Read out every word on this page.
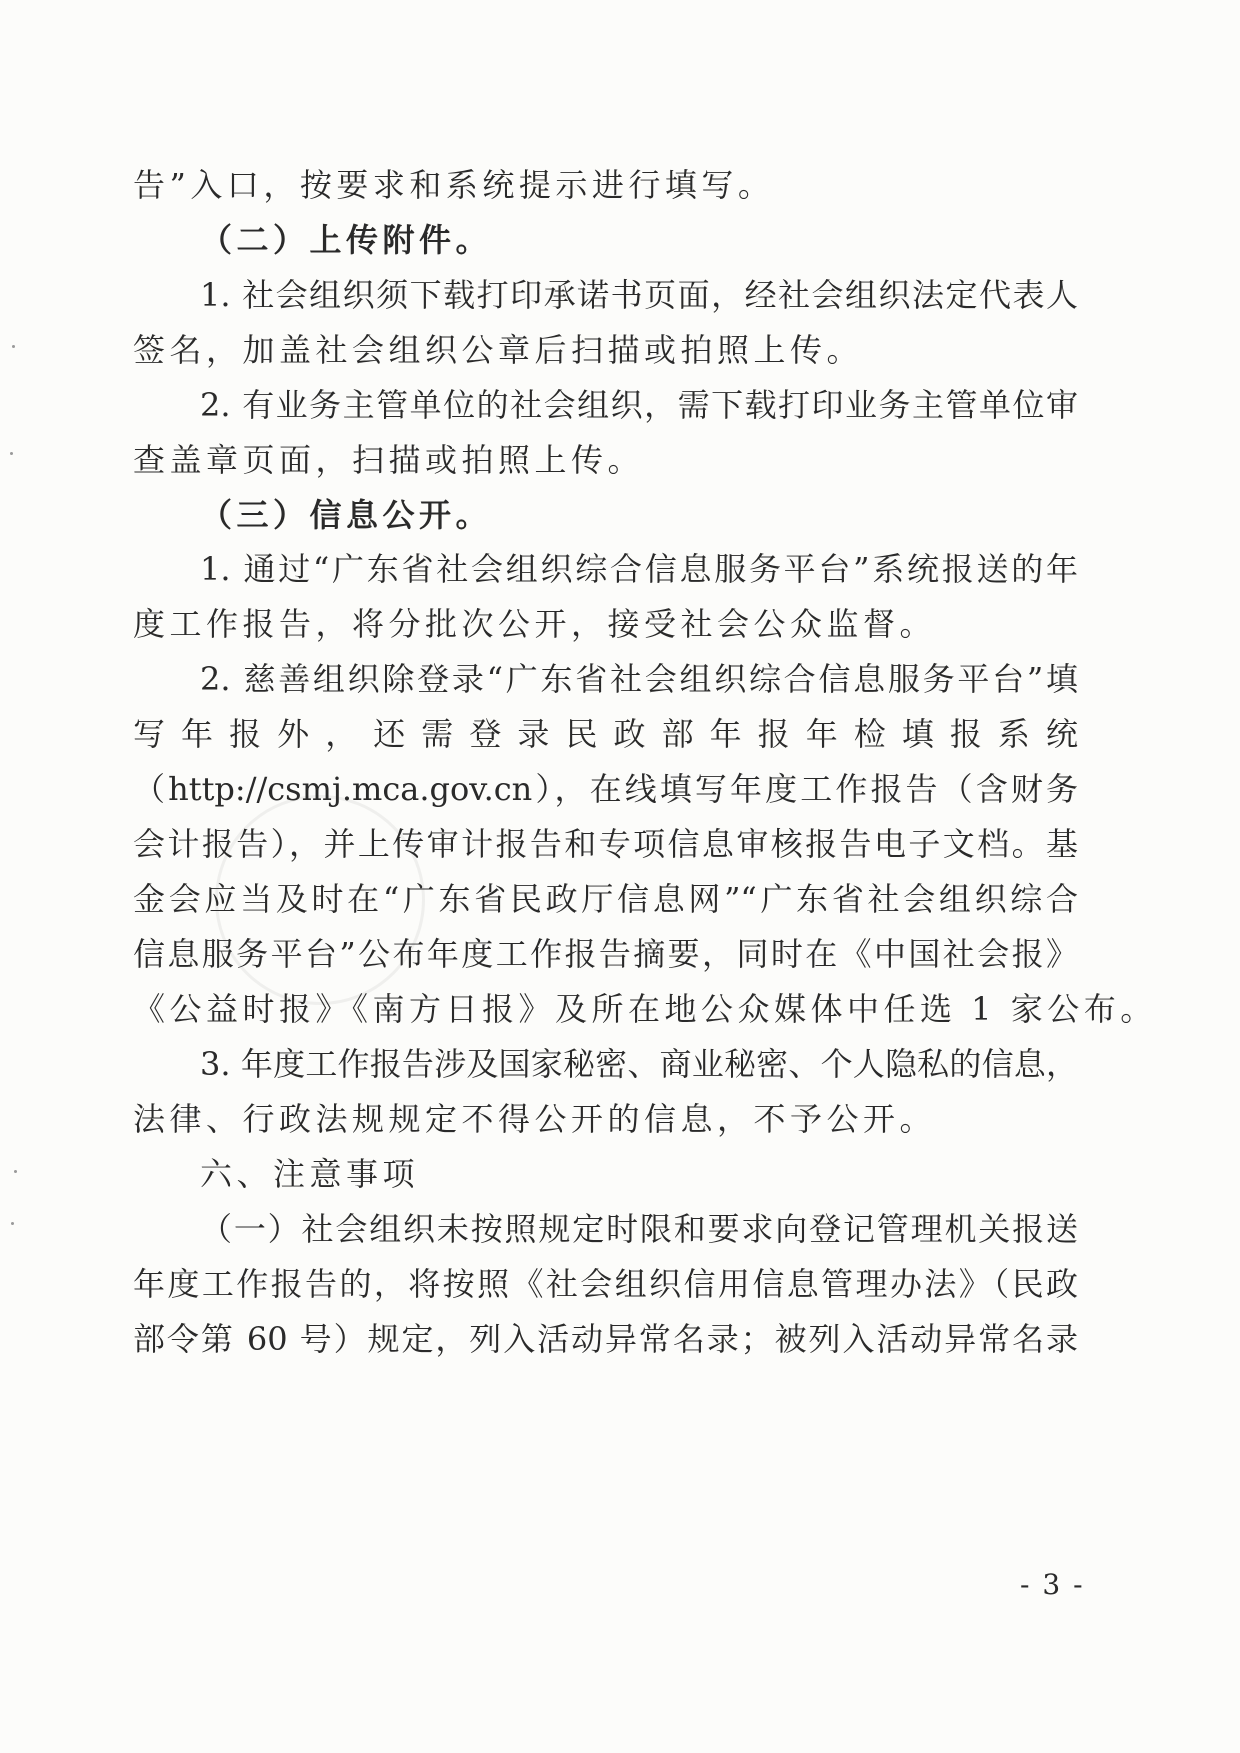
告”入口，按要求和系统提示进行填写。
（二）上传附件。
1. 社会组织须下载打印承诺书页面，经社会组织法定代表人
签名，加盖社会组织公章后扫描或拍照上传。
2. 有业务主管单位的社会组织，需下载打印业务主管单位审
查盖章页面，扫描或拍照上传。
（三）信息公开。
1. 通过“广东省社会组织综合信息服务平台”系统报送的年
度工作报告，将分批次公开，接受社会公众监督。
2. 慈善组织除登录“广东省社会组织综合信息服务平台”填
写年报外，还需登录民政部年报年检填报系统
（http://csmj.mca.gov.cn），在线填写年度工作报告（含财务
会计报告），并上传审计报告和专项信息审核报告电子文档。基
金会应当及时在“广东省民政厅信息网”“广东省社会组织综合
信息服务平台”公布年度工作报告摘要，同时在《中国社会报》
《公益时报》《南方日报》及所在地公众媒体中任选 1 家公布。
3. 年度工作报告涉及国家秘密、商业秘密、个人隐私的信息，
法律、行政法规规定不得公开的信息，不予公开。
六、注意事项
（一）社会组织未按照规定时限和要求向登记管理机关报送
年度工作报告的，将按照《社会组织信用信息管理办法》（民政
部令第 60 号）规定，列入活动异常名录；被列入活动异常名录
- 3 -
